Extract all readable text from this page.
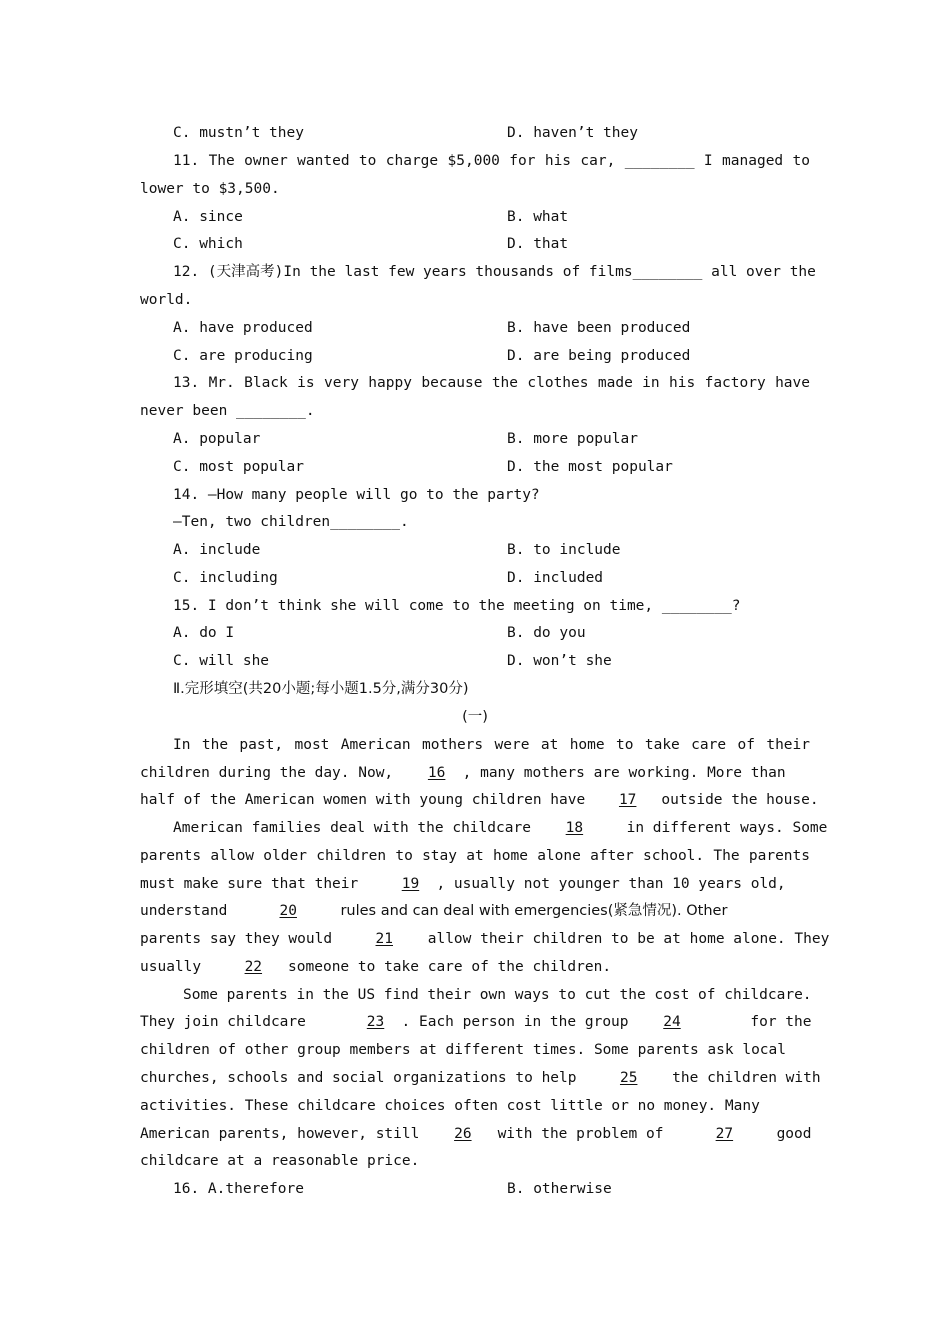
C. mustn’t they	D. haven’t they
11. The owner wanted to charge $5,000 for his car, ________ I managed to
lower to $3,500.
A. since	B. what
C. which	D. that
12. (天津高考)In the last few years thousands of films________ all over the
world.
A. have produced	B. have been produced
C. are producing	D. are being produced
13. Mr. Black is very happy because the clothes made in his factory have
never been ________.
A. popular	B. more popular
C. most popular	D. the most popular
14. —How many people will go to the party?
—Ten, two children________.
A. include	B. to include
C. including	D. included
15. I don’t think she will come to the meeting on time, ________?
A. do I	B. do you
C. will she	D. won’t she
Ⅱ.完形填空(共20小题;每小题1.5分,满分30分)
(一)
In the past, most American mothers were at home to take care of their
children during the day. Now, 16 , many mothers are working. More than
half of the American women with young children have 17 outside the house.
American families deal with the childcare 18	in different ways. Some
parents allow older children to stay at home alone after school. The parents
must make sure that their	19 , usually not younger than 10 years old,
understand	20	rules and can deal with emergencies(紧急情况). Other
parents say they would	21 allow their children to be at home alone. They
usually	22 someone to take care of the children.
Some parents in the US find their own ways to cut the cost of childcare.
They join childcare	23 . Each person in the group 24	for the
children of other group members at different times. Some parents ask local
churches, schools and social organizations to help	25 the children with
activities. These childcare choices often cost little or no money. Many
American parents, however, still 26 with the problem of	27	good
childcare at a reasonable price.
16. A.therefore	B. otherwise
